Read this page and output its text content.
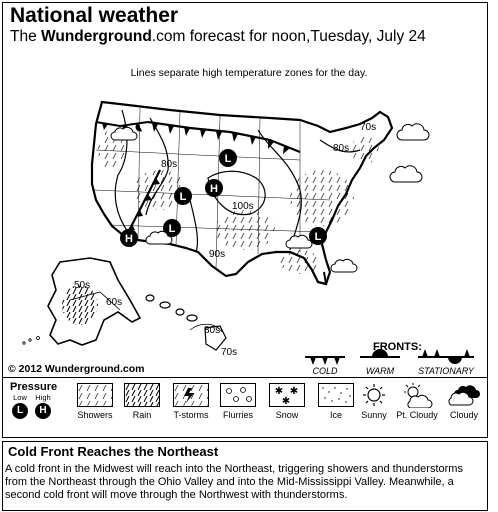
National weather
The Wunderground.com forecast for noon,Tuesday, July 24
Lines separate high temperature zones for the day.
L
L
H
L
H	L
70s
80s
80s
100s
90s
50s
60s
80s
70s
© 2012 Wunderground.com
FRONTS:
COLD	WARM	STATIONARY
Pressure
Low	High
L	H
✱ ✱
✱
Showers	Rain	T-storms	Flurries	Snow	Ice	Sunny	Pt. Cloudy	Cloudy
Cold Front Reaches the Northeast
A cold front in the Midwest will reach into the Northeast, triggering showers and thunderstorms from the Northeast through the Ohio Valley and into the Mid-Mississippi Valley. Meanwhile, a second cold front will move through the Northwest with thunderstorms.
